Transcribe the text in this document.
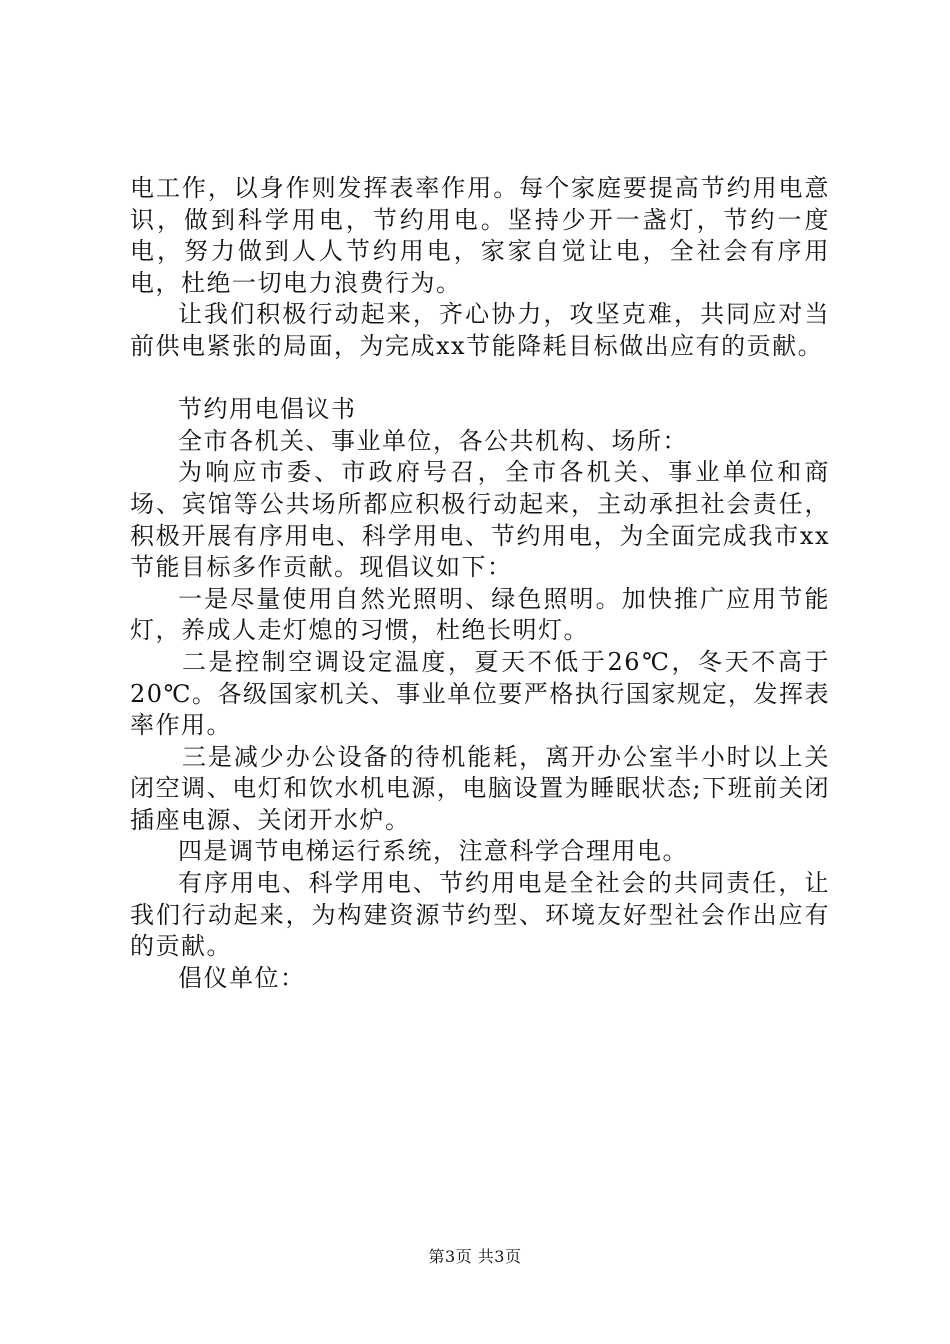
电工作，以身作则发挥表率作用。每个家庭要提高节约用电意识，做到科学用电，节约用电。坚持少开一盏灯，节约一度电，努力做到人人节约用电，家家自觉让电，全社会有序用电，杜绝一切电力浪费行为。

让我们积极行动起来，齐心协力，攻坚克难，共同应对当前供电紧张的局面，为完成xx节能降耗目标做出应有的贡献。

节约用电倡议书

全市各机关、事业单位，各公共机构、场所：

为响应市委、市政府号召，全市各机关、事业单位和商场、宾馆等公共场所都应积极行动起来，主动承担社会责任，积极开展有序用电、科学用电、节约用电，为全面完成我市xx节能目标多作贡献。现倡议如下：

一是尽量使用自然光照明、绿色照明。加快推广应用节能灯，养成人走灯熄的习惯，杜绝长明灯。

二是控制空调设定温度，夏天不低于26℃，冬天不高于20℃。各级国家机关、事业单位要严格执行国家规定，发挥表率作用。

三是减少办公设备的待机能耗，离开办公室半小时以上关闭空调、电灯和饮水机电源，电脑设置为睡眠状态;下班前关闭插座电源、关闭开水炉。

四是调节电梯运行系统，注意科学合理用电。

有序用电、科学用电、节约用电是全社会的共同责任，让我们行动起来，为构建资源节约型、环境友好型社会作出应有的贡献。

倡仪单位：

第3页 共3页
